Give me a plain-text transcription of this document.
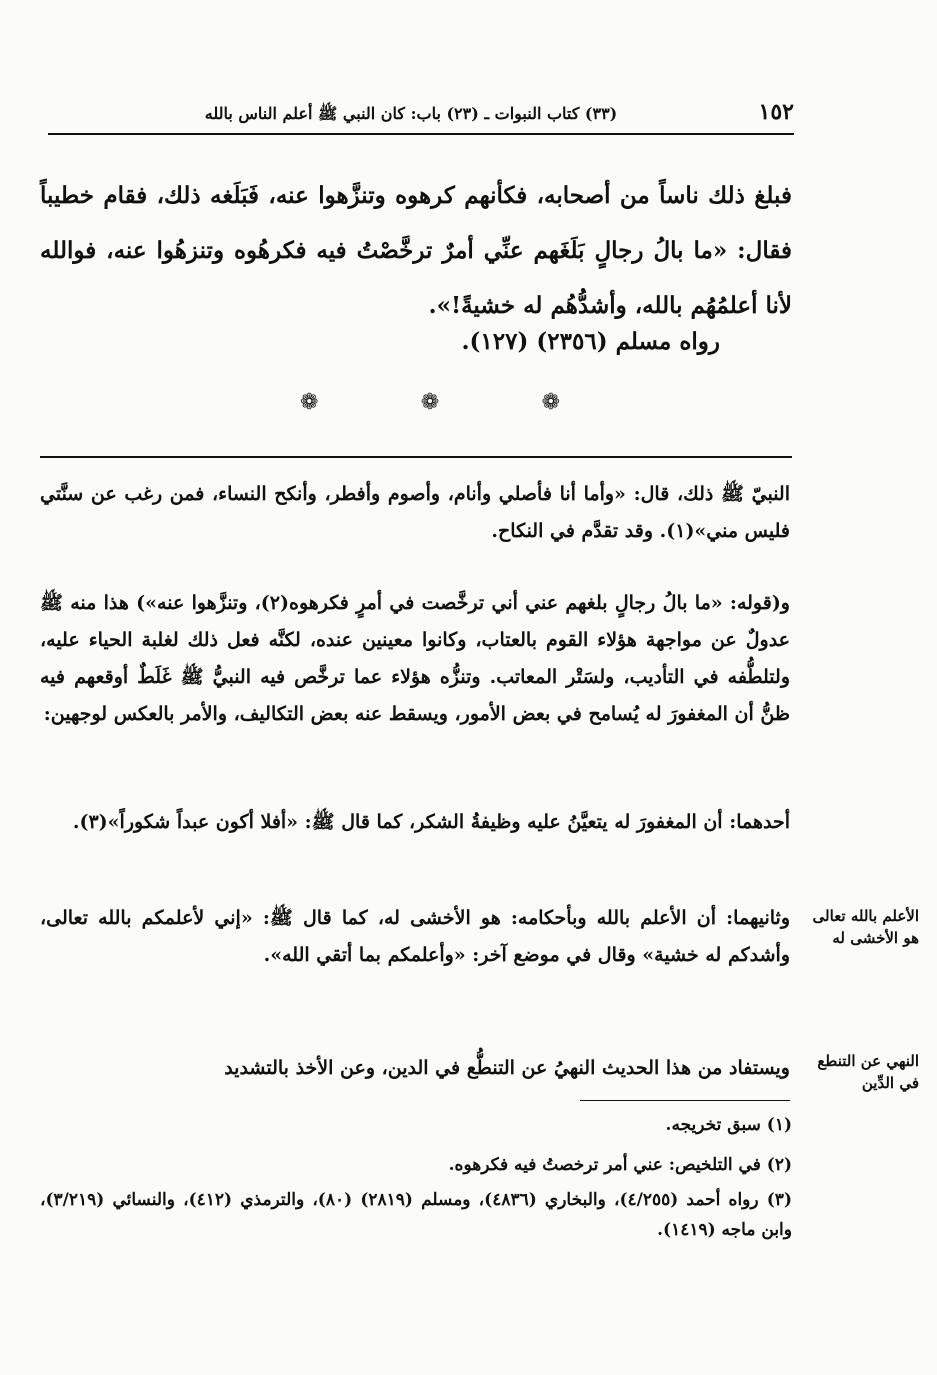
١٥٢
(٣٣) كتاب النبوات ـ (٢٣) باب: كان النبي ﷺ أعلم الناس بالله
فبلغ ذلك ناساً من أصحابه، فكأنهم كرهوه وتنزَّهوا عنه، فَبَلَغه ذلك، فقام خطيباً فقال: «ما بالُ رجالٍ بَلَغَهم عنِّي أمرٌ ترخَّصْتُ فيه فكرهُوه وتنزهُوا عنه، فوالله لأنا أعلمُهُم بالله، وأشدُّهُم له خشيةً!».
رواه مسلم (٢٣٥٦) (١٢٧).
❁
❁
❁
النبيّ ﷺ ذلك، قال: «وأما أنا فأصلي وأنام، وأصوم وأفطر، وأنكح النساء، فمن رغب عن سنَّتي فليس مني»(١). وقد تقدَّم في النكاح.
و(قوله: «ما بالُ رجالٍ بلغهم عني أني ترخَّصت في أمرٍ فكرهوه(٢)، وتنزَّهوا عنه») هذا منه ﷺ عدولٌ عن مواجهة هؤلاء القوم بالعتاب، وكانوا معينين عنده، لكنَّه فعل ذلك لغلبة الحياء عليه، ولتلطُّفه في التأديب، ولسَتْر المعاتب. وتنزُّه هؤلاء عما ترخَّص فيه النبيُّ ﷺ غَلَطٌ أوقعهم فيه ظنُّ أن المغفورَ له يُسامح في بعض الأمور، ويسقط عنه بعض التكاليف، والأمر بالعكس لوجهين:
أحدهما: أن المغفورَ له يتعيَّنُ عليه وظيفةُ الشكر، كما قال ﷺ: «أفلا أكون عبداً شكوراً»(٣).
وثانيهما: أن الأعلم بالله وبأحكامه: هو الأخشى له، كما قال ﷺ: «إني لأعلمكم بالله تعالى، وأشدكم له خشية» وقال في موضع آخر: «وأعلمكم بما أتقي الله».
ويستفاد من هذا الحديث النهيُ عن التنطُّع في الدين، وعن الأخذ بالتشديد
الأعلم بالله تعالى هو الأخشى له
النهي عن التنطع في الدِّين
(١) سبق تخريجه.
(٢) في التلخيص: عني أمر ترخصتُ فيه فكرهوه.
(٣) رواه أحمد (٤/٢٥٥)، والبخاري (٤٨٣٦)، ومسلم (٢٨١٩) (٨٠)، والترمذي (٤١٢)، والنسائي (٣/٢١٩)، وابن ماجه (١٤١٩).
